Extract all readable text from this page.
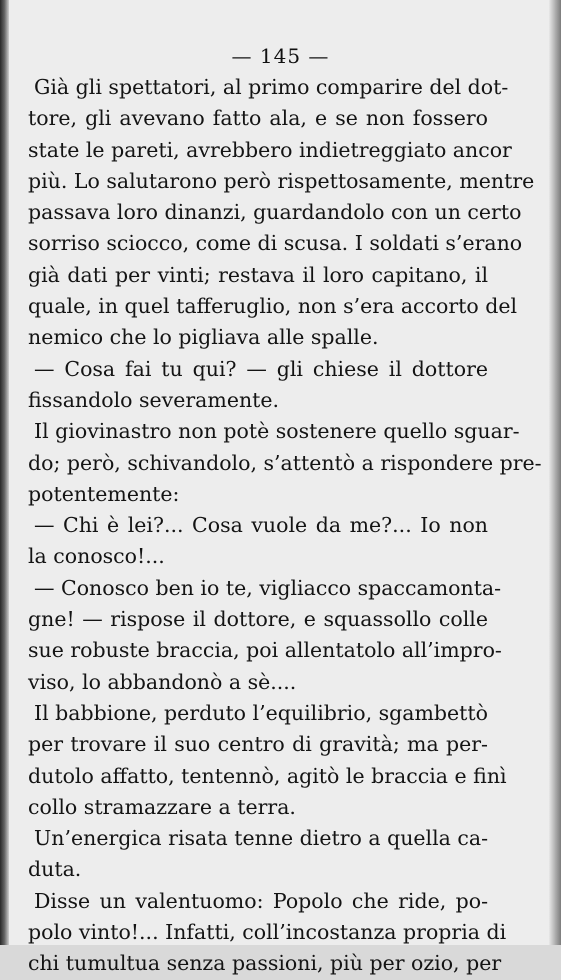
— 145 —
Già gli spettatori, al primo comparire del dot-
tore, gli avevano fatto ala, e se non fossero
state le pareti, avrebbero indietreggiato ancor
più. Lo salutarono però rispettosamente, mentre
passava loro dinanzi, guardandolo con un certo
sorriso sciocco, come di scusa. I soldati s’erano
già dati per vinti; restava il loro capitano, il
quale, in quel tafferuglio, non s’era accorto del
nemico che lo pigliava alle spalle.
— Cosa fai tu qui? — gli chiese il dottore
fissandolo severamente.
Il giovinastro non potè sostenere quello sguar-
do; però, schivandolo, s’attentò a rispondere pre-
potentemente:
— Chi è lei?... Cosa vuole da me?... Io non
la conosco!...
— Conosco ben io te, vigliacco spaccamonta-
gne! — rispose il dottore, e squassollo colle
sue robuste braccia, poi allentatolo all’impro-
viso, lo abbandonò a sè....
Il babbione, perduto l’equilibrio, sgambettò
per trovare il suo centro di gravità; ma per-
dutolo affatto, tentennò, agitò le braccia e finì
collo stramazzare a terra.
Un’energica risata tenne dietro a quella ca-
duta.
Disse un valentuomo: Popolo che ride, po-
polo vinto!... Infatti, coll’incostanza propria di
chi tumultua senza passioni, più per ozio, per
